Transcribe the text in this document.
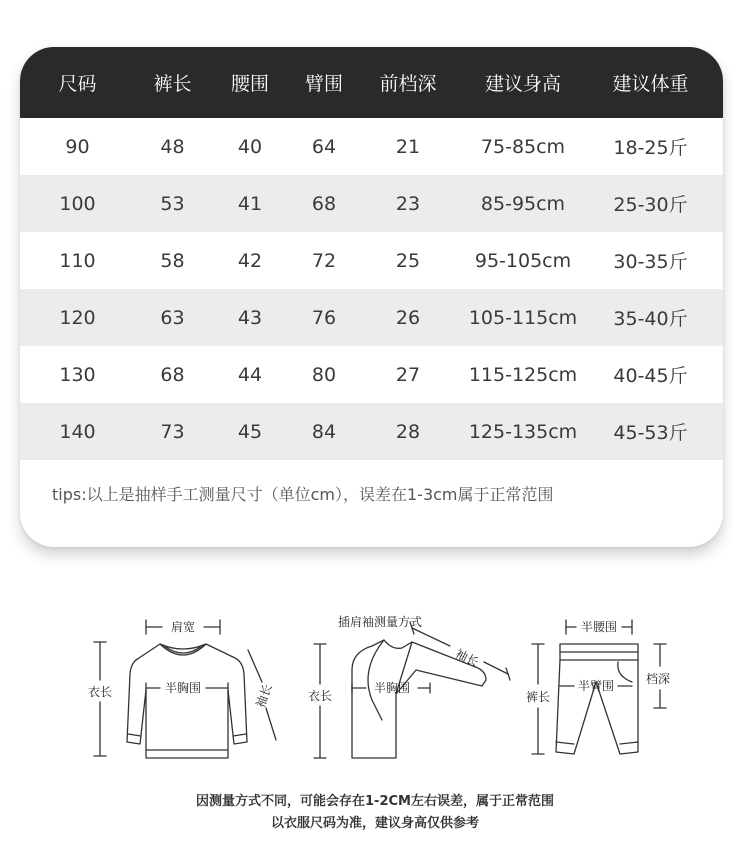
尺码	裤长	腰围	臂围	前档深	建议身高	建议体重
90	48	40	64	21	75-85cm	18-25斤
100	53	41	68	23	85-95cm	25-30斤
110	58	42	72	25	95-105cm	30-35斤
120	63	43	76	26	105-115cm	35-40斤
130	68	44	80	27	115-125cm	40-45斤
140	73	45	84	28	125-135cm	45-53斤
tips:以上是抽样手工测量尺寸（单位cm），误差在1-3cm属于正常范围
肩宽
衣长	半胸围	袖长
插肩袖测量方式
袖长
衣长
半胸围
半腰围
档深
裤长
半臂围
因测量方式不同，可能会存在1-2CM左右误差，属于正常范围
以衣服尺码为准，建议身高仅供参考
